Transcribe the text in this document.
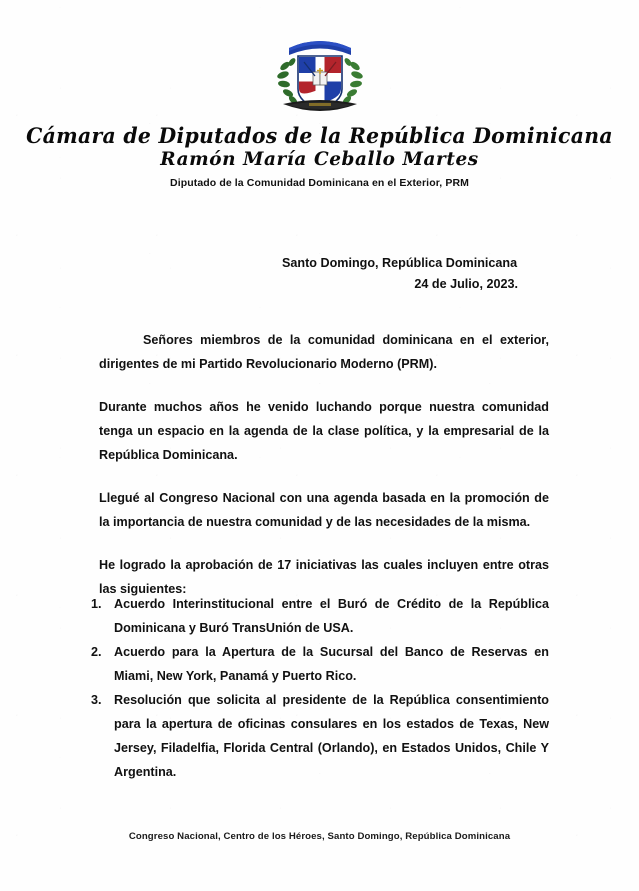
Cámara de Diputados de la República Dominicana
Ramón María Ceballo Martes
Diputado de la Comunidad Dominicana en el Exterior, PRM
Santo Domingo, República Dominicana
24 de Julio, 2023.

Señores miembros de la comunidad dominicana en el exterior, dirigentes de mi Partido Revolucionario Moderno (PRM).

Durante muchos años he venido luchando porque nuestra comunidad tenga un espacio en la agenda de la clase política, y la empresarial de la República Dominicana.

Llegué al Congreso Nacional con una agenda basada en la promoción de la importancia de nuestra comunidad y de las necesidades de la misma.

He logrado la aprobación de 17 iniciativas las cuales incluyen entre otras las siguientes:

Acuerdo Interinstitucional entre el Buró de Crédito de la República Dominicana y Buró TransUnión de USA.
Acuerdo para la Apertura de la Sucursal del Banco de Reservas en Miami, New York, Panamá y Puerto Rico.
Resolución que solicita al presidente de la República consentimiento para la apertura de oficinas consulares en los estados de Texas, New Jersey, Filadelfia, Florida Central (Orlando), en Estados Unidos, Chile Y Argentina.
Congreso Nacional, Centro de los Héroes, Santo Domingo, República Dominicana
